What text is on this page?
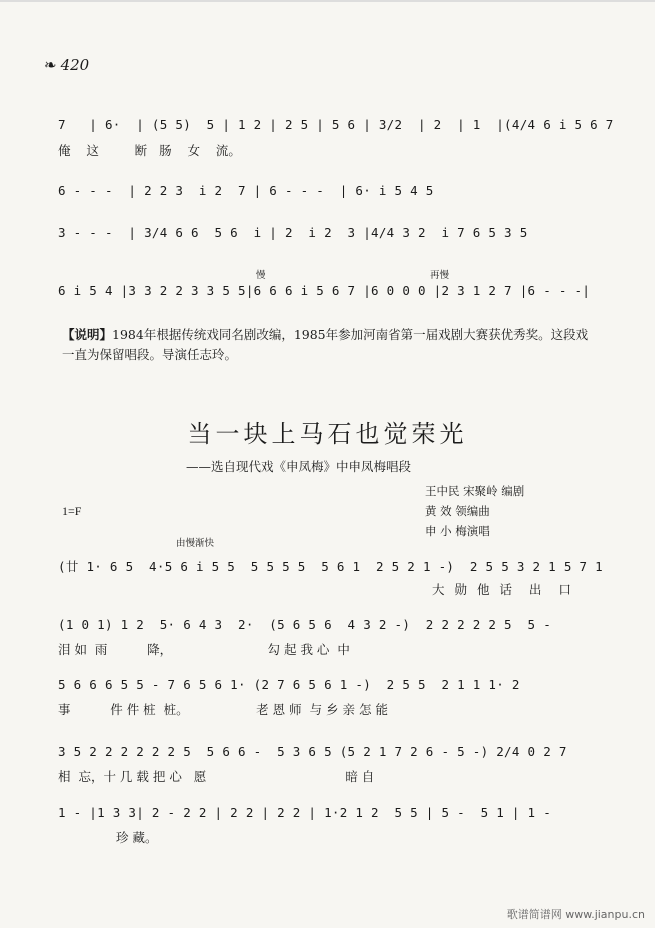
❧ 420
7   | 6·  | (5 5)  5 | 1 2 | 2 5 | 5 6 | 3/2  | 2  | 1  |(4/4 6 i 5 6 7
俺    这         断   肠    女    流。
6 - - -  | 2 2 3  i 2  7 | 6 - - -  | 6· i 5 4 5
3 - - -  | 3/4 6 6  5 6  i | 2  i 2  3 |4/4 3 2  i 7 6 5 3 5
慢	再慢
6 i 5 4 |3 3 2 2 3 3 5 5|6 6 6 i 5 6 7 |6 0 0 0 |2 3 1 2 7 |6 - - -|
【说明】1984年根据传统戏同名剧改编，1985年参加河南省第一届戏剧大赛获优秀奖。这段戏一直为保留唱段。导演任志玲。
当一块上马石也觉荣光
——选自现代戏《申凤梅》中申凤梅唱段
王中民 宋聚岭 编剧
黄 效 领编曲
申 小 梅演唱
1=F
由慢渐快
(廿 1· 6 5  4·5 6 i 5 5  5 5 5 5  5 6 1  2 5 2 1 -)  2 5 5 3 2 1 5 7 1
大 勋 他 话  出  口
(1 0 1) 1 2  5· 6 4 3  2·  (5 6 5 6  4 3 2 -)  2 2 2 2 2 5  5 -
泪 如  雨          降，                        勾 起 我 心  中
5 6 6 6 5 5 - 7 6 5 6 1· (2 7 6 5 6 1 -)  2 5 5  2 1 1 1· 2
事          件 件 桩  桩。                 老 恩 师  与 乡 亲 怎 能
3 5 2 2 2 2 2 2 5  5 6 6 -  5 3 6 5 (5 2 1 7 2 6 - 5 -) 2/4 0 2 7
相  忘，十 几 载 把 心   愿                                   暗 自
1 - |1 3 3| 2 - 2 2 | 2 2 | 2 2 | 1·2 1 2  5 5 | 5 -  5 1 | 1 -
珍 藏。
歌谱简谱网 www.jianpu.cn
